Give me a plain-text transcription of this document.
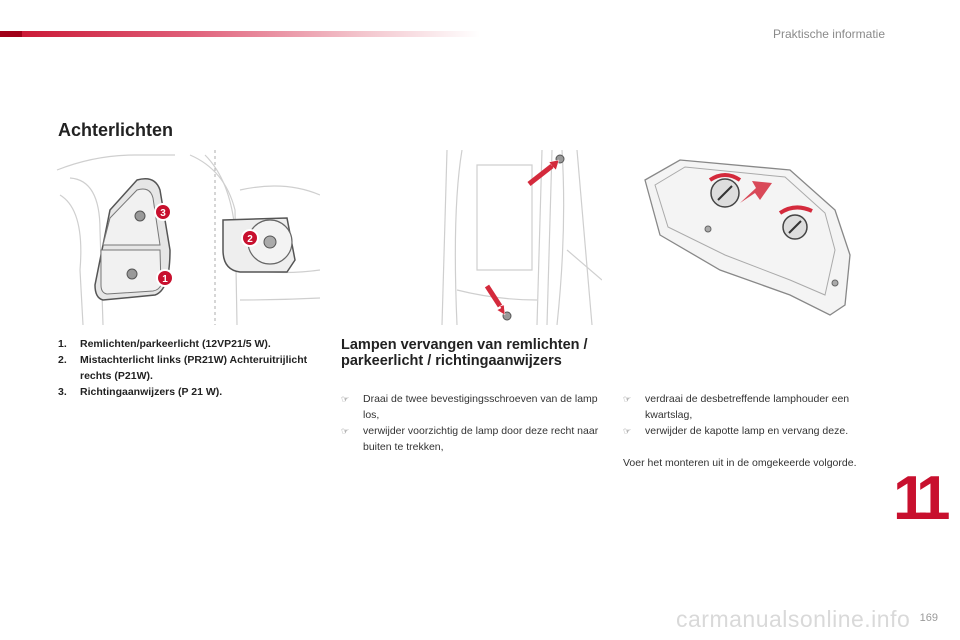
Praktische informatie
Achterlichten
3
1
2
1.	Remlichten/parkeerlicht (12VP21/5 W).
2.	Mistachterlicht links (PR21W) Achteruitrijlicht rechts (P21W).
3.	Richtingaanwijzers (P 21 W).
Lampen vervangen van remlichten / parkeerlicht / richtingaanwijzers
☞	Draai de twee bevestigingsschroeven van de lamp los,
☞	verwijder voorzichtig de lamp door deze recht naar buiten te trekken,
☞	verdraai de desbetreffende lamphouder een kwartslag,
☞	verwijder de kapotte lamp en vervang deze.
Voer het monteren uit in de omgekeerde volgorde.
11
carmanualsonline.info 169
